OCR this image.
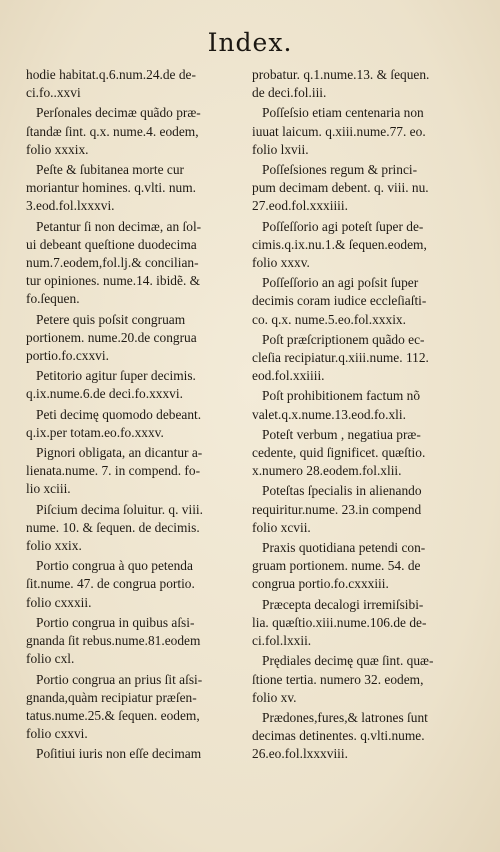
Index.
hodie habitat.q.6.num.24.de de-
ci.fo..xxvi
Perſonales decimæ quãdo præ-
ſtandæ ſint. q.x. nume.4. eodem,
folio xxxix.
Peſte & ſubitanea morte cur
moriantur homines. q.vlti. num.
3.eod.fol.lxxxvi.
Petantur ſi non decimæ, an ſol-
ui debeant queſtione duodecima
num.7.eodem,fol.lj.& concilian-
tur opiniones. nume.14. ibidẽ. &
fo.ſequen.
Petere quis poſsit congruam
portionem. nume.20.de congrua
portio.fo.cxxvi.
Petitorio agitur ſuper decimis.
q.ix.nume.6.de deci.fo.xxxvi.
Peti decimę quomodo debeant.
q.ix.per totam.eo.fo.xxxv.
Pignori obligata, an dicantur a-
lienata.nume. 7. in compend. fo-
lio xciii.
Piſcium decima ſoluitur. q. viii.
nume. 10. & ſequen. de decimis.
folio xxix.
Portio congrua à quo petenda
ſit.nume. 47. de congrua portio.
folio cxxxii.
Portio congrua in quibus aſsi-
gnanda ſit rebus.nume.81.eodem
folio cxl.
Portio congrua an prius ſit aſsi-
gnanda,quàm recipiatur præſen-
tatus.nume.25.& ſequen. eodem,
folio cxxvi.
Poſitiui iuris non eſſe decimam
probatur. q.1.nume.13. & ſequen.
de deci.fol.iii.
Poſſeſsio etiam centenaria non
iuuat laicum. q.xiii.nume.77. eo.
folio lxvii.
Poſſeſsiones regum & princi-
pum decimam debent. q. viii. nu.
27.eod.fol.xxxiiii.
Poſſeſſorio agi poteſt ſuper de-
cimis.q.ix.nu.1.& ſequen.eodem,
folio xxxv.
Poſſeſſorio an agi poſsit ſuper
decimis coram iudice eccleſiaſti-
co. q.x. nume.5.eo.fol.xxxix.
Poſt præſcriptionem quãdo ec-
cleſia recipiatur.q.xiii.nume. 112.
eod.fol.xxiiii.
Poſt prohibitionem factum nõ
valet.q.x.nume.13.eod.fo.xli.
Poteſt verbum , negatiua præ-
cedente, quid ſignificet. quæſtio.
x.numero 28.eodem.fol.xlii.
Poteſtas ſpecialis in alienando
requiritur.nume. 23.in compend
folio xcvii.
Praxis quotidiana petendi con-
gruam portionem. nume. 54. de
congrua portio.fo.cxxxiii.
Præcepta decalogi irremiſsibi-
lia. quæſtio.xiii.nume.106.de de-
ci.fol.lxxii.
Prędiales decimę quæ ſint. quæ-
ſtione tertia. numero 32. eodem,
folio xv.
Prædones,fures,& latrones ſunt
decimas detinentes. q.vlti.nume.
26.eo.fol.lxxxviii.
